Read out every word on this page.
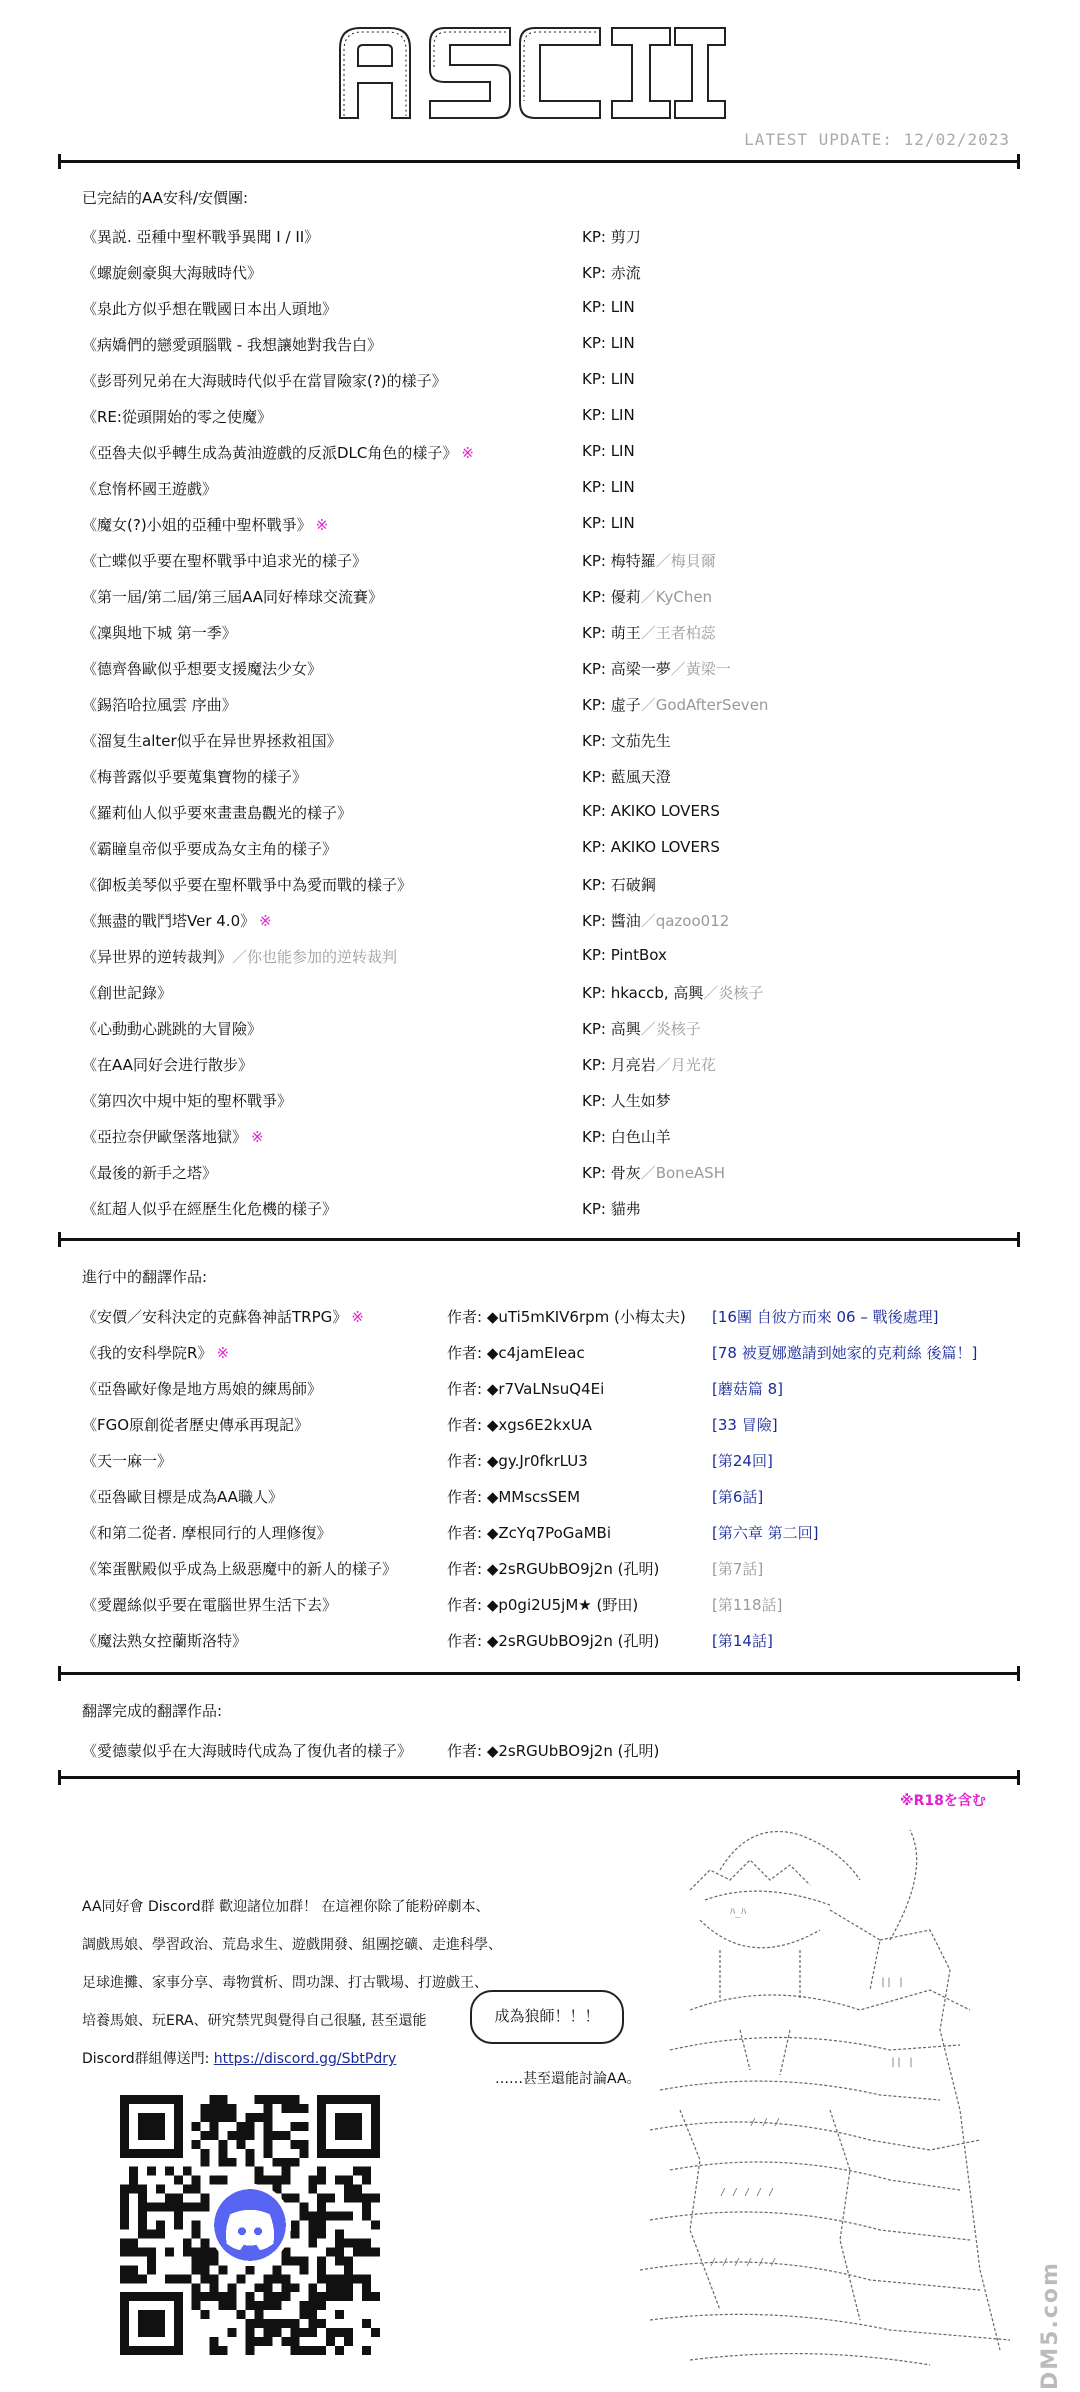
LATEST UPDATE: 12/02/2023
已完結的AA安科/安價團:
《異説. 亞種中聖杯戰爭異聞 I / II》	KP: 剪刀
《螺旋劍豪與大海賊時代》	KP: 赤流
《泉此方似乎想在戰國日本出人頭地》	KP: LIN
《病嬌們的戀愛頭腦戰 - 我想讓她對我告白》	KP: LIN
《彭哥列兄弟在大海賊時代似乎在當冒險家(?)的樣子》	KP: LIN
《RE:從頭開始的零之使魔》	KP: LIN
《亞魯夫似乎轉生成為黃油遊戲的反派DLC角色的樣子》 ※	KP: LIN
《怠惰杯國王遊戲》	KP: LIN
《魔女(?)小姐的亞種中聖杯戰爭》 ※	KP: LIN
《亡蝶似乎要在聖杯戰爭中追求光的樣子》	KP: 梅特羅／梅貝爾
《第一屆/第二屆/第三屆AA同好棒球交流賽》	KP: 優莉／KyChen
《凜與地下城 第一季》	KP: 萌王／王者柏蕊
《德齊魯歐似乎想要支援魔法少女》	KP: 高梁一夢／黃梁一
《錫箔哈拉風雲 序曲》	KP: 虛子／GodAfterSeven
《溜复生alter似乎在异世界拯救祖国》	KP: 文茄先生
《梅普露似乎要蒐集寶物的樣子》	KP: 藍風天澄
《羅莉仙人似乎要來畫畫島觀光的樣子》	KP: AKIKO LOVERS
《霸瞳皇帝似乎要成為女主角的樣子》	KP: AKIKO LOVERS
《御板美琴似乎要在聖杯戰爭中為愛而戰的樣子》	KP: 石破鋼
《無盡的戰鬥塔Ver 4.0》 ※	KP: 醬油／qazoo012
《异世界的逆转裁判》／你也能参加的逆转裁判	KP: PintBox
《創世記錄》	KP: hkaccb, 高興／炎核子
《心動動心跳跳的大冒險》	KP: 高興／炎核子
《在AA同好会进行散步》	KP: 月亮岩／月光花
《第四次中規中矩的聖杯戰爭》	KP: 人生如梦
《亞拉奈伊歐堡落地獄》 ※	KP: 白色山羊
《最後的新手之塔》	KP: 骨灰／BoneASH
《紅超人似乎在經歷生化危機的樣子》	KP: 貓弗
進行中的翻譯作品:
《安價／安科決定的克蘇魯神話TRPG》 ※	作者: ◆uTi5mKIV6rpm (小梅太夫) [16團 自彼方而來 06 – 戰後處理]
《我的安科學院R》 ※	作者: ◆c4jamEIeac	[78 被夏娜邀請到她家的克莉絲 後篇！]
《亞魯歐好像是地方馬娘的練馬師》	作者: ◆r7VaLNsuQ4Ei	[蘑菇篇 8]
《FGO原創從者歷史傳承再現記》	作者: ◆xgs6E2kxUA	[33 冒險]
《天一麻一》	作者: ◆gy.Jr0fkrLU3	[第24回]
《亞魯歐目標是成為AA職人》	作者: ◆MMscsSEM	[第6話]
《和第二從者. 摩根同行的人理修復》	作者: ◆ZcYq7PoGaMBi	[第六章 第二回]
《笨蛋獸殿似乎成為上級惡魔中的新人的樣子》	作者: ◆2sRGUbBO9j2n (孔明)	[第7話]
《愛麗絲似乎要在電腦世界生活下去》	作者: ◆p0gi2U5jM★ (野田)	[第118話]
《魔法熟女控蘭斯洛特》	作者: ◆2sRGUbBO9j2n (孔明)	[第14話]
翻譯完成的翻譯作品:
《愛德蒙似乎在大海賊時代成為了復仇者的樣子》 作者: ◆2sRGUbBO9j2n (孔明)
※R18を含む
AA同好會 Discord群 歡迎諸位加群！ 在這裡你除了能粉碎劇本、
調戲馬娘、學習政治、荒島求生、遊戲開發、組團挖礦、走進科學、
足球進攤、家事分享、毒物賞析、問功課、打古戰場、打遊戲王、
培養馬娘、玩ERA、研究禁咒與覺得自己很騷, 甚至還能
Discord群組傳送門: https://discord.gg/SbtPdry
成為狼師！！！
……甚至還能討論AA。
ﾊ_ﾊ
|| |
|| |
/ / /
/ / / / /
/ / / / / /	DM5.com
